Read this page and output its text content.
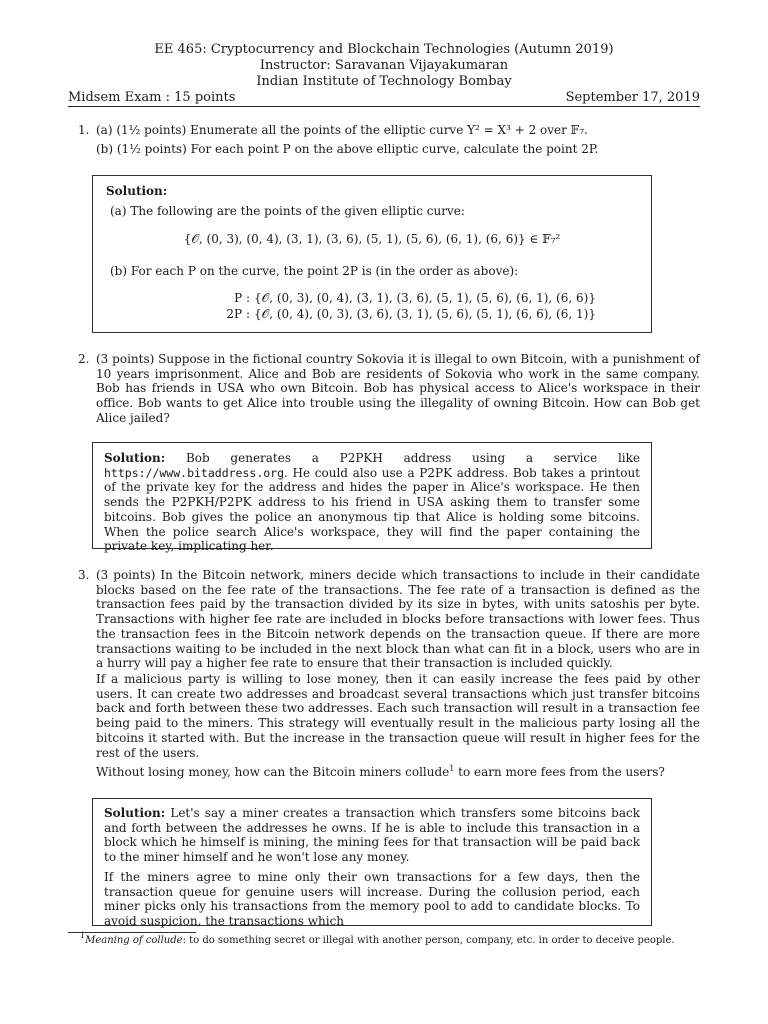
EE 465: Cryptocurrency and Blockchain Technologies (Autumn 2019)
Instructor: Saravanan Vijayakumaran
Indian Institute of Technology Bombay
Midsem Exam : 15 points	September 17, 2019
1. (a) (1½ points) Enumerate all the points of the elliptic curve Y² = X³ + 2 over 𝔽₇.
(b) (1½ points) For each point P on the above elliptic curve, calculate the point 2P.
Solution:
(a) The following are the points of the given elliptic curve:
{𝒪, (0, 3), (0, 4), (3, 1), (3, 6), (5, 1), (5, 6), (6, 1), (6, 6)} ∈ 𝔽₇²
(b) For each P on the curve, the point 2P is (in the order as above):
P : {𝒪, (0, 3), (0, 4), (3, 1), (3, 6), (5, 1), (5, 6), (6, 1), (6, 6)}
2P : {𝒪, (0, 4), (0, 3), (3, 6), (3, 1), (5, 6), (5, 1), (6, 6), (6, 1)}
2. (3 points) Suppose in the fictional country Sokovia it is illegal to own Bitcoin, with a punishment of 10 years imprisonment. Alice and Bob are residents of Sokovia who work in the same company. Bob has friends in USA who own Bitcoin. Bob has physical access to Alice's workspace in their office. Bob wants to get Alice into trouble using the illegality of owning Bitcoin. How can Bob get Alice jailed?
Solution: Bob generates a P2PKH address using a service like https://www.bitaddress.org. He could also use a P2PK address. Bob takes a printout of the private key for the address and hides the paper in Alice's workspace. He then sends the P2PKH/P2PK address to his friend in USA asking them to transfer some bitcoins. Bob gives the police an anonymous tip that Alice is holding some bitcoins. When the police search Alice's workspace, they will find the paper containing the private key, implicating her.
3. (3 points) In the Bitcoin network, miners decide which transactions to include in their candidate blocks based on the fee rate of the transactions. The fee rate of a transaction is defined as the transaction fees paid by the transaction divided by its size in bytes, with units satoshis per byte. Transactions with higher fee rate are included in blocks before transactions with lower fees. Thus the transaction fees in the Bitcoin network depends on the transaction queue. If there are more transactions waiting to be included in the next block than what can fit in a block, users who are in a hurry will pay a higher fee rate to ensure that their transaction is included quickly.
If a malicious party is willing to lose money, then it can easily increase the fees paid by other users. It can create two addresses and broadcast several transactions which just transfer bitcoins back and forth between these two addresses. Each such transaction will result in a transaction fee being paid to the miners. This strategy will eventually result in the malicious party losing all the bitcoins it started with. But the increase in the transaction queue will result in higher fees for the rest of the users.
Without losing money, how can the Bitcoin miners collude$^1$ to earn more fees from the users?
Solution: Let's say a miner creates a transaction which transfers some bitcoins back and forth between the addresses he owns. If he is able to include this transaction in a block which he himself is mining, the mining fees for that transaction will be paid back to the miner himself and he won't lose any money.
If the miners agree to mine only their own transactions for a few days, then the transaction queue for genuine users will increase. During the collusion period, each miner picks only his transactions from the memory pool to add to candidate blocks. To avoid suspicion, the transactions which
$^1$Meaning of collude: to do something secret or illegal with another person, company, etc. in order to deceive people.
